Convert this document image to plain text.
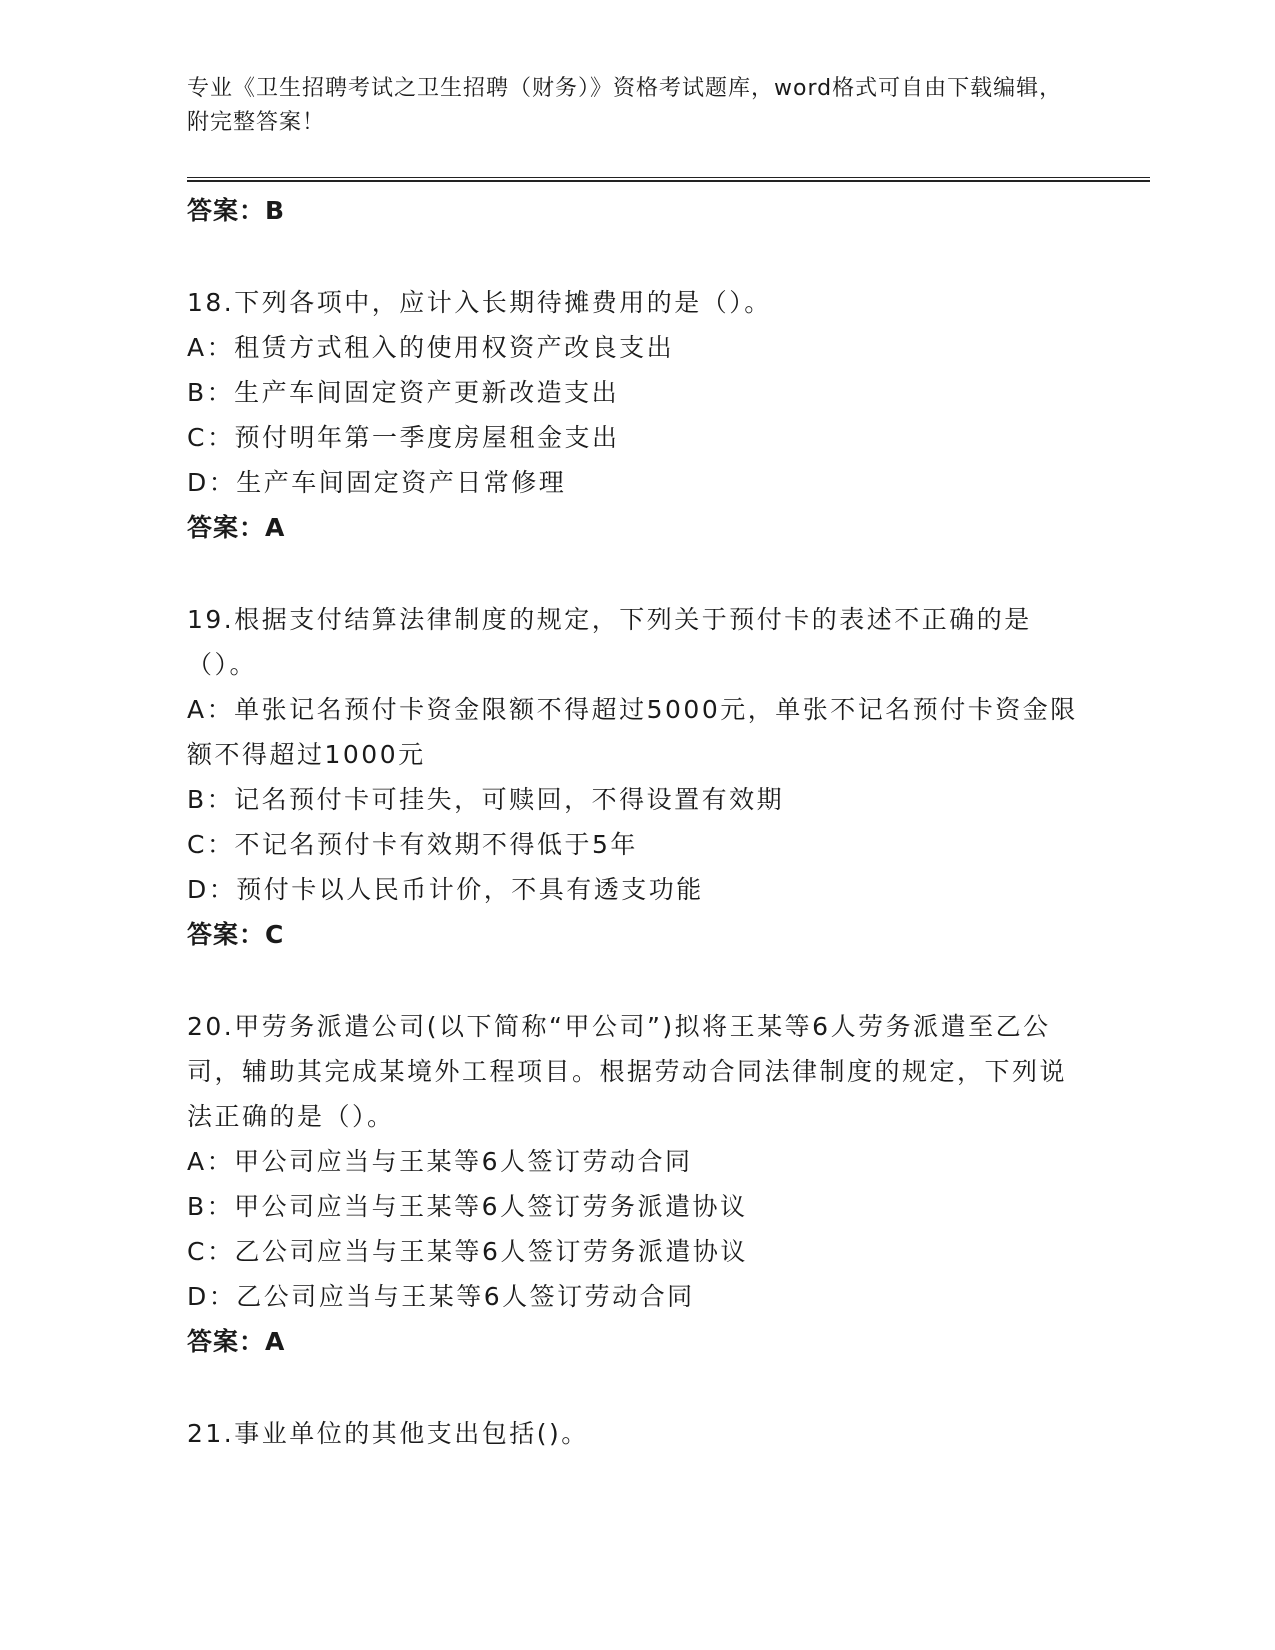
专业《卫生招聘考试之卫生招聘（财务）》资格考试题库，word格式可自由下载编辑，附完整答案！
答案：B
18.下列各项中，应计入长期待摊费用的是（）。
A：租赁方式租入的使用权资产改良支出
B：生产车间固定资产更新改造支出
C：预付明年第一季度房屋租金支出
D：生产车间固定资产日常修理
答案：A
19.根据支付结算法律制度的规定，下列关于预付卡的表述不正确的是（）。
A：单张记名预付卡资金限额不得超过5000元，单张不记名预付卡资金限额不得超过1000元
B：记名预付卡可挂失，可赎回，不得设置有效期
C：不记名预付卡有效期不得低于5年
D：预付卡以人民币计价，不具有透支功能
答案：C
20.甲劳务派遣公司(以下简称“甲公司”)拟将王某等6人劳务派遣至乙公司，辅助其完成某境外工程项目。根据劳动合同法律制度的规定，下列说法正确的是（）。
A：甲公司应当与王某等6人签订劳动合同
B：甲公司应当与王某等6人签订劳务派遣协议
C：乙公司应当与王某等6人签订劳务派遣协议
D：乙公司应当与王某等6人签订劳动合同
答案：A
21.事业单位的其他支出包括()。
